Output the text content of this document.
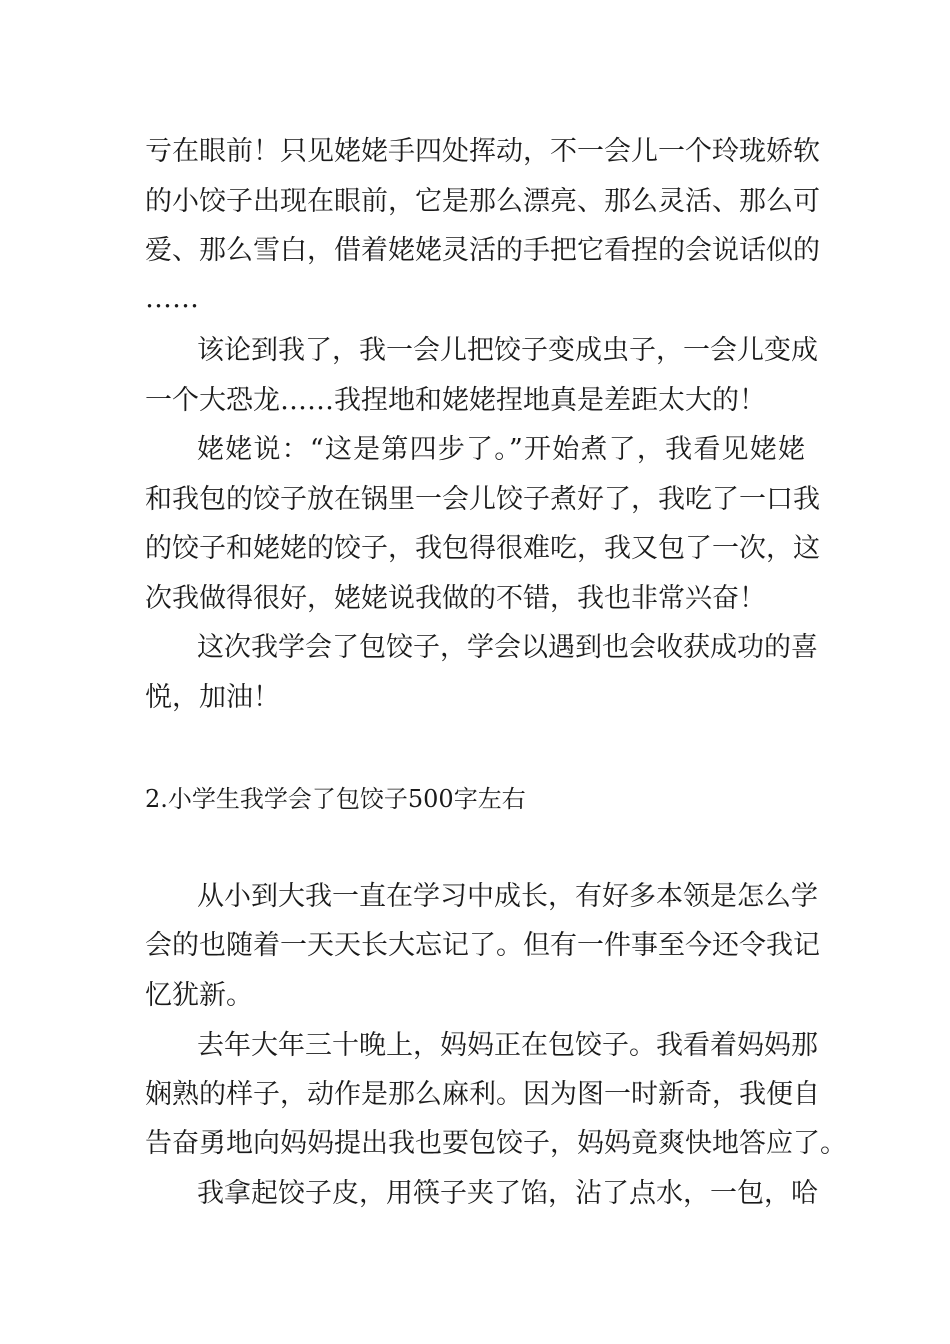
亏在眼前！只见姥姥手四处挥动，不一会儿一个玲珑娇软
的小饺子出现在眼前，它是那么漂亮、那么灵活、那么可
爱、那么雪白，借着姥姥灵活的手把它看捏的会说话似的
……
该论到我了，我一会儿把饺子变成虫子，一会儿变成
一个大恐龙……我捏地和姥姥捏地真是差距太大的！
姥姥说：“这是第四步了。”开始煮了，我看见姥姥
和我包的饺子放在锅里一会儿饺子煮好了，我吃了一口我
的饺子和姥姥的饺子，我包得很难吃，我又包了一次，这
次我做得很好，姥姥说我做的不错，我也非常兴奋！
这次我学会了包饺子，学会以遇到也会收获成功的喜
悦，加油！
2.小学生我学会了包饺子500字左右
从小到大我一直在学习中成长，有好多本领是怎么学
会的也随着一天天长大忘记了。但有一件事至今还令我记
忆犹新。
去年大年三十晚上，妈妈正在包饺子。我看着妈妈那
娴熟的样子，动作是那么麻利。因为图一时新奇，我便自
告奋勇地向妈妈提出我也要包饺子，妈妈竟爽快地答应了。
我拿起饺子皮，用筷子夹了馅，沾了点水，一包，哈
